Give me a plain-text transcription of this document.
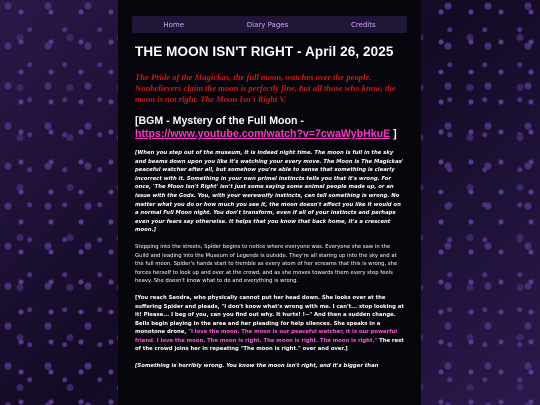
Home	Diary Pages	Credits
THE MOON ISN'T RIGHT - April 26, 2025
The Pride of the Magickas, the full moon, watches over the people. Nonbelievers claim the moon is perfectly fine, but all those who know, the moon is not right. The Moon Isn't Right V.
[BGM - Mystery of the Full Moon - https://www.youtube.com/watch?v=7cwaWybHkuE ]
[When you step out of the museum, it is indeed night time. The moon is full in the sky and beams down upon you like it's watching your every move. The Moon is The Magickas' peaceful watcher after all, but somehow you're able to sense that something is clearly incorrect with it. Something in your own primal instincts tells you that it's wrong. For once, 'The Moon Isn't Right' isn't just some saying some animal people made up, or an issue with the Gods. You, with your werewolfy instincts, can tell something is wrong. No matter what you do or how much you see it, the moon doesn't affect you like it would on a normal Full Moon night. You don't transform, even if all of your instincts and perhaps even your fears say otherwise. It helps that you know that back home, it's a crescent moon.]
Stepping into the streets, Spider begins to notice where everyone was. Everyone she saw in the Guild and leading into the Museum of Legends is outside. They're all staring up into the sky and at the full moon. Spider's hands start to tremble as every atom of her screams that this is wrong, she forces herself to look up and over at the crowd, and as she moves towards them every step feels heavy. She doesn't know what to do and everything is wrong.
[You reach Sandra, who physically cannot put her head down. She looks over at the suffering Spider and pleads, "I don't know what's wrong with me. I can't... stop looking at it! Please... I beg of you, can you find out why. It hurts! !--" And then a sudden change. Bells begin playing in the area and her pleading for help silences. She speaks in a monotone drone, "I love the moon. The moon is our peaceful watcher, it is our powerful friend. I love the moon. The moon is right. The moon is right. The moon is right." The rest of the crowd joins her in repeating "The moon is right." over and over.]
[Something is horribly wrong. You know the moon isn't right, and it's bigger than
